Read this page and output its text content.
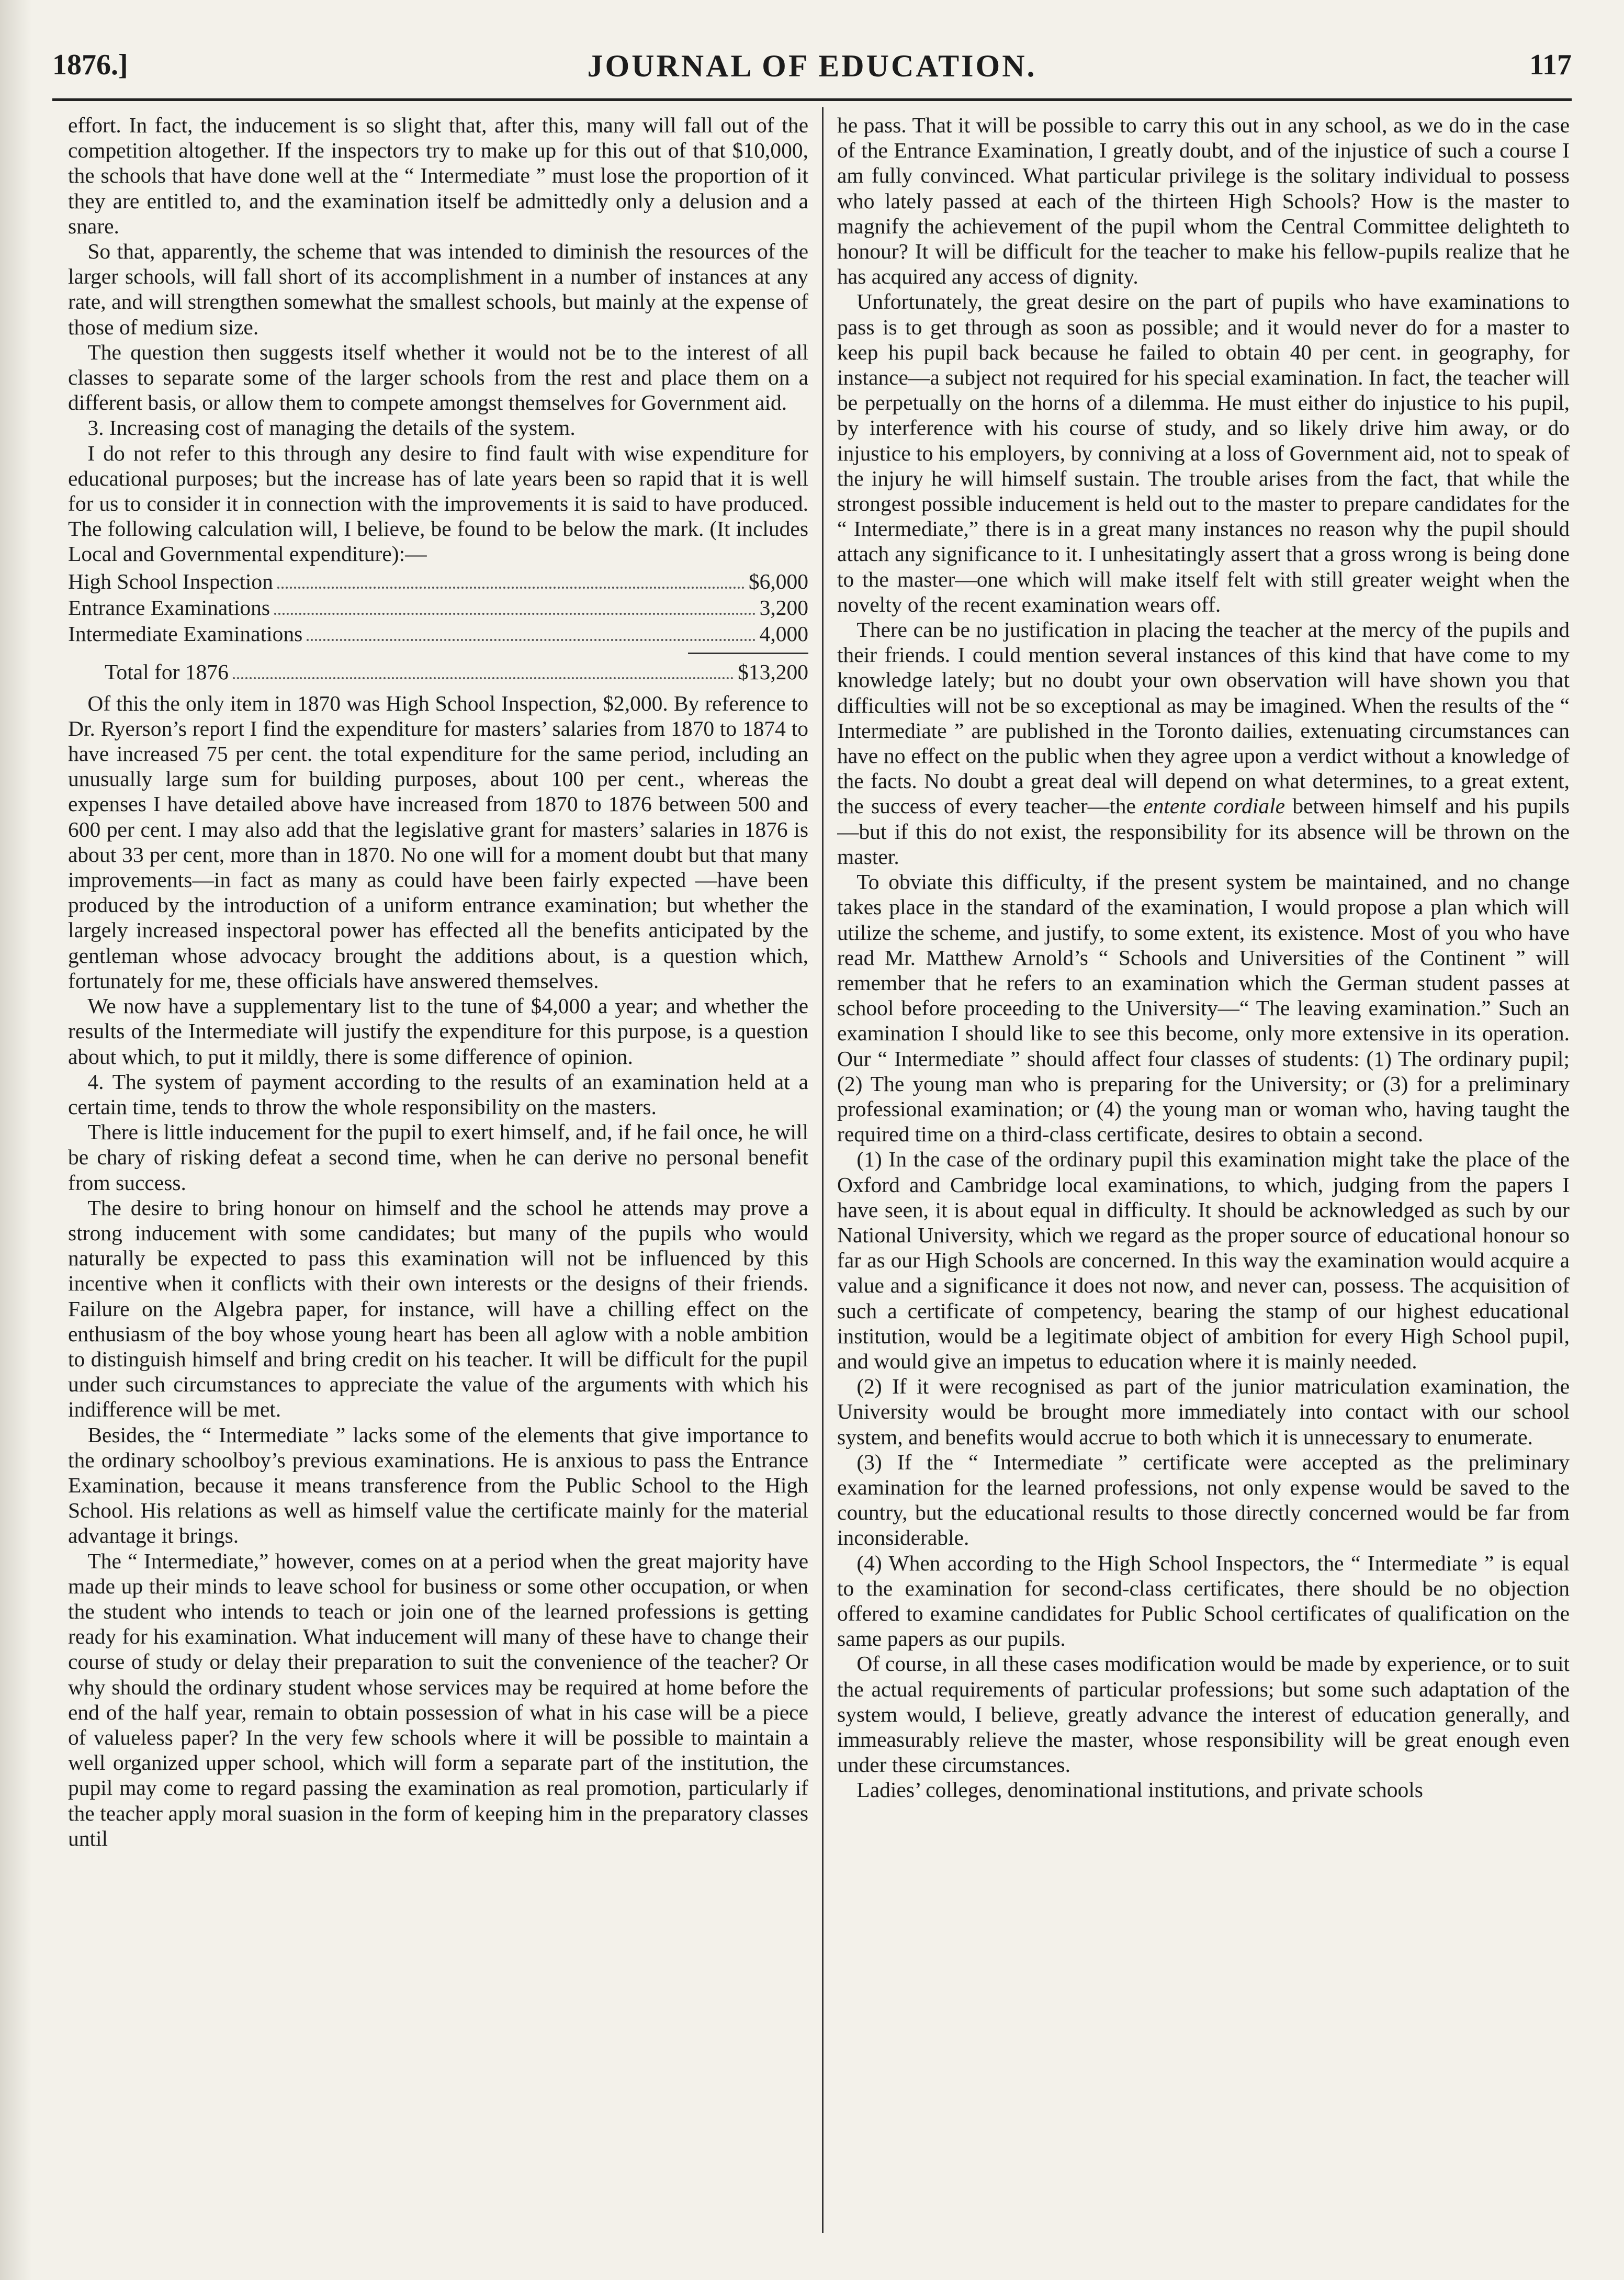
1876.]	JOURNAL OF EDUCATION.	117

effort. In fact, the inducement is so slight that, after this, many will fall out of the competition altogether. If the inspectors try to make up for this out of that $10,000, the schools that have done well at the “ Intermediate ” must lose the proportion of it they are entitled to, and the examination itself be admittedly only a delusion and a snare.

So that, apparently, the scheme that was intended to diminish the resources of the larger schools, will fall short of its accomplishment in a number of instances at any rate, and will strengthen somewhat the smallest schools, but mainly at the expense of those of medium size.

The question then suggests itself whether it would not be to the interest of all classes to separate some of the larger schools from the rest and place them on a different basis, or allow them to compete amongst themselves for Government aid.

3. Increasing cost of managing the details of the system.

I do not refer to this through any desire to find fault with wise expenditure for educational purposes; but the increase has of late years been so rapid that it is well for us to consider it in connection with the improvements it is said to have produced. The following calculation will, I believe, be found to be below the mark. (It includes Local and Governmental expenditure):—

High School Inspection	$6,000
Entrance Examinations	3,200
Intermediate Examinations	4,000
Total for 1876	$13,200

Of this the only item in 1870 was High School Inspection, $2,000. By reference to Dr. Ryerson’s report I find the expenditure for masters’ salaries from 1870 to 1874 to have increased 75 per cent. the total expenditure for the same period, including an unusually large sum for building purposes, about 100 per cent., whereas the expenses I have detailed above have increased from 1870 to 1876 between 500 and 600 per cent. I may also add that the legislative grant for masters’ salaries in 1876 is about 33 per cent, more than in 1870. No one will for a moment doubt but that many improvements—in fact as many as could have been fairly expected —have been produced by the introduction of a uniform entrance examination; but whether the largely increased inspectoral power has effected all the benefits anticipated by the gentleman whose advocacy brought the additions about, is a question which, fortunately for me, these officials have answered themselves.

We now have a supplementary list to the tune of $4,000 a year; and whether the results of the Intermediate will justify the expenditure for this purpose, is a question about which, to put it mildly, there is some difference of opinion.

4. The system of payment according to the results of an examination held at a certain time, tends to throw the whole responsibility on the masters.

There is little inducement for the pupil to exert himself, and, if he fail once, he will be chary of risking defeat a second time, when he can derive no personal benefit from success.

The desire to bring honour on himself and the school he attends may prove a strong inducement with some candidates; but many of the pupils who would naturally be expected to pass this examination will not be influenced by this incentive when it conflicts with their own interests or the designs of their friends. Failure on the Algebra paper, for instance, will have a chilling effect on the enthusiasm of the boy whose young heart has been all aglow with a noble ambition to distinguish himself and bring credit on his teacher. It will be difficult for the pupil under such circumstances to appreciate the value of the arguments with which his indifference will be met.

Besides, the “ Intermediate ” lacks some of the elements that give importance to the ordinary schoolboy’s previous examinations. He is anxious to pass the Entrance Examination, because it means transference from the Public School to the High School. His relations as well as himself value the certificate mainly for the material advantage it brings.

The “ Intermediate,” however, comes on at a period when the great majority have made up their minds to leave school for business or some other occupation, or when the student who intends to teach or join one of the learned professions is getting ready for his examination. What inducement will many of these have to change their course of study or delay their preparation to suit the convenience of the teacher? Or why should the ordinary student whose services may be required at home before the end of the half year, remain to obtain possession of what in his case will be a piece of valueless paper? In the very few schools where it will be possible to maintain a well organized upper school, which will form a separate part of the institution, the pupil may come to regard passing the examination as real promotion, particularly if the teacher apply moral suasion in the form of keeping him in the preparatory classes until

he pass. That it will be possible to carry this out in any school, as we do in the case of the Entrance Examination, I greatly doubt, and of the injustice of such a course I am fully convinced. What particular privilege is the solitary individual to possess who lately passed at each of the thirteen High Schools? How is the master to magnify the achievement of the pupil whom the Central Committee delighteth to honour? It will be difficult for the teacher to make his fellow-pupils realize that he has acquired any access of dignity.

Unfortunately, the great desire on the part of pupils who have examinations to pass is to get through as soon as possible; and it would never do for a master to keep his pupil back because he failed to obtain 40 per cent. in geography, for instance—a subject not required for his special examination. In fact, the teacher will be perpetually on the horns of a dilemma. He must either do injustice to his pupil, by interference with his course of study, and so likely drive him away, or do injustice to his employers, by conniving at a loss of Government aid, not to speak of the injury he will himself sustain. The trouble arises from the fact, that while the strongest possible inducement is held out to the master to prepare candidates for the “ Intermediate,” there is in a great many instances no reason why the pupil should attach any significance to it. I unhesitatingly assert that a gross wrong is being done to the master—one which will make itself felt with still greater weight when the novelty of the recent examination wears off.

There can be no justification in placing the teacher at the mercy of the pupils and their friends. I could mention several instances of this kind that have come to my knowledge lately; but no doubt your own observation will have shown you that difficulties will not be so exceptional as may be imagined. When the results of the “ Intermediate ” are published in the Toronto dailies, extenuating circumstances can have no effect on the public when they agree upon a verdict without a knowledge of the facts. No doubt a great deal will depend on what determines, to a great extent, the success of every teacher—the entente cordiale between himself and his pupils —but if this do not exist, the responsibility for its absence will be thrown on the master.

To obviate this difficulty, if the present system be maintained, and no change takes place in the standard of the examination, I would propose a plan which will utilize the scheme, and justify, to some extent, its existence. Most of you who have read Mr. Matthew Arnold’s “ Schools and Universities of the Continent ” will remember that he refers to an examination which the German student passes at school before proceeding to the University—“ The leaving examination.” Such an examination I should like to see this become, only more extensive in its operation. Our “ Intermediate ” should affect four classes of students: (1) The ordinary pupil; (2) The young man who is preparing for the University; or (3) for a preliminary professional examination; or (4) the young man or woman who, having taught the required time on a third-class certificate, desires to obtain a second.

(1) In the case of the ordinary pupil this examination might take the place of the Oxford and Cambridge local examinations, to which, judging from the papers I have seen, it is about equal in difficulty. It should be acknowledged as such by our National University, which we regard as the proper source of educational honour so far as our High Schools are concerned. In this way the examination would acquire a value and a significance it does not now, and never can, possess. The acquisition of such a certificate of competency, bearing the stamp of our highest educational institution, would be a legitimate object of ambition for every High School pupil, and would give an impetus to education where it is mainly needed.

(2) If it were recognised as part of the junior matriculation examination, the University would be brought more immediately into contact with our school system, and benefits would accrue to both which it is unnecessary to enumerate.

(3) If the “ Intermediate ” certificate were accepted as the preliminary examination for the learned professions, not only expense would be saved to the country, but the educational results to those directly concerned would be far from inconsiderable.

(4) When according to the High School Inspectors, the “ Intermediate ” is equal to the examination for second-class certificates, there should be no objection offered to examine candidates for Public School certificates of qualification on the same papers as our pupils.

Of course, in all these cases modification would be made by experience, or to suit the actual requirements of particular professions; but some such adaptation of the system would, I believe, greatly advance the interest of education generally, and immeasurably relieve the master, whose responsibility will be great enough even under these circumstances.

Ladies’ colleges, denominational institutions, and private schools
